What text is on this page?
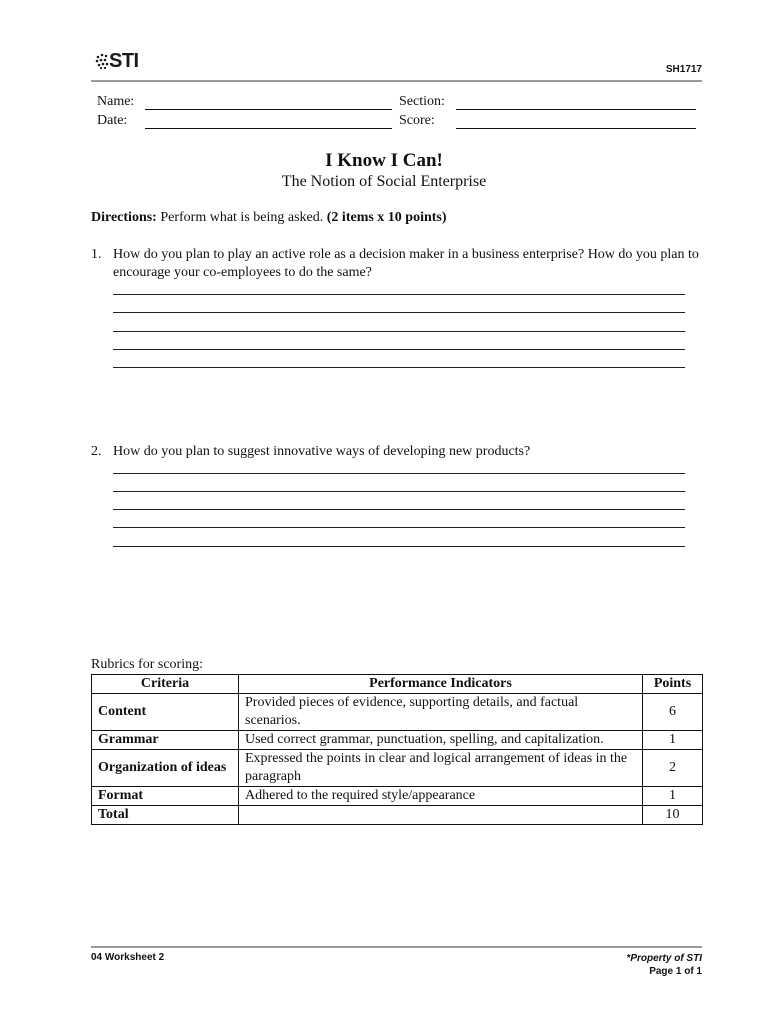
STI	SH1717
Name:
Date:
Section:
Score:
I Know I Can!
The Notion of Social Enterprise
Directions: Perform what is being asked. (2 items x 10 points)
1. How do you plan to play an active role as a decision maker in a business enterprise? How do you plan to encourage your co-employees to do the same?
2. How do you plan to suggest innovative ways of developing new products?
Rubrics for scoring:
Criteria	Performance Indicators	Points
Content	Provided pieces of evidence, supporting details, and factual scenarios.	6
Grammar	Used correct grammar, punctuation, spelling, and capitalization.	1
Organization of ideas	Expressed the points in clear and logical arrangement of ideas in the paragraph	2
Format	Adhered to the required style/appearance	1
Total		10
04 Worksheet 2	*Property of STI
Page 1 of 1
